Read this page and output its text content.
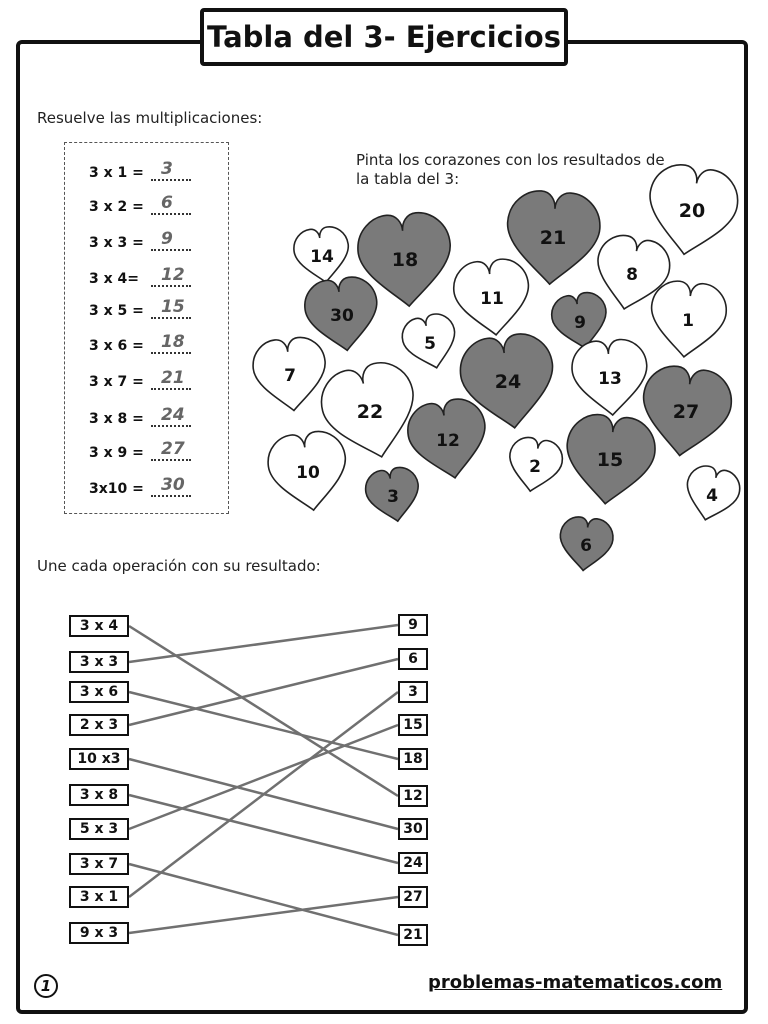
Tabla del 3- Ejercicios
Resuelve las multiplicaciones:
3 x 1 =	3
3 x 2 =	6
3 x 3 =	9
3 x 4=	12
3 x 5 =	15
3 x 6 =	18
3 x 7 =	21
3 x 8 =	24
3 x 9 =	27
3x10 =	30
Pinta los corazones con los resultados de
la tabla del 3:
14	18
21
20
8
30
11
9	1
5
7	24	13
22	27
12
15
10	2
3	4
6
Une cada operación con su resultado:
3 x 4
3 x 3
3 x 6
2 x 3
10 x3
3 x 8
5 x 3
3 x 7
3 x 1
9 x 3
9
6
3
15
18
12
30
24
27
21
1	problemas-matematicos.com
